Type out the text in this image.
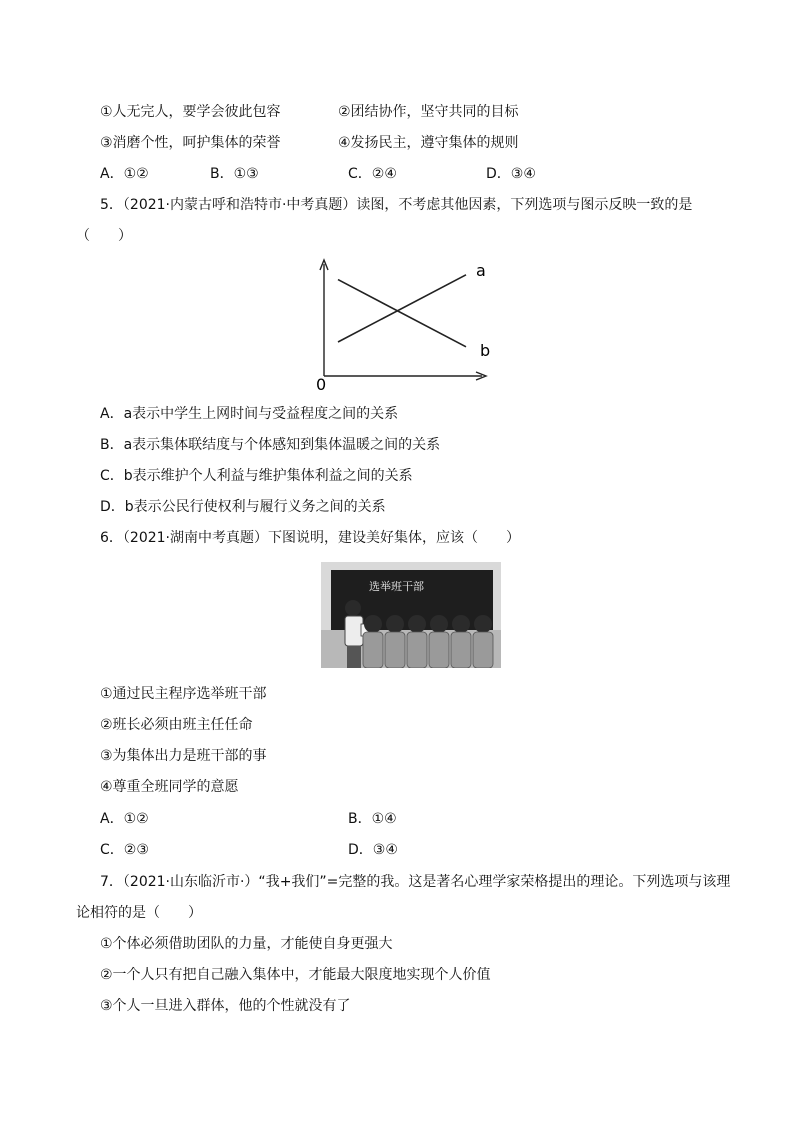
①人无完人，要学会彼此包容	②团结协作，坚守共同的目标
③消磨个性，呵护集体的荣誉	④发扬民主，遵守集体的规则
A．①②	B．①③	C．②④	D．③④
5．（2021·内蒙古呼和浩特市·中考真题）读图，不考虑其他因素，下列选项与图示反映一致的是
（　　）
a
b
0
A．a表示中学生上网时间与受益程度之间的关系
B．a表示集体联结度与个体感知到集体温暖之间的关系
C．b表示维护个人利益与维护集体利益之间的关系
D．b表示公民行使权利与履行义务之间的关系
6．（2021·湖南中考真题）下图说明，建设美好集体，应该（　　）
选举班干部
①通过民主程序选举班干部
②班长必须由班主任任命
③为集体出力是班干部的事
④尊重全班同学的意愿
A．①②	B．①④
C．②③	D．③④
7．（2021·山东临沂市·）“我+我们”=完整的我。这是著名心理学家荣格提出的理论。下列选项与该理
论相符的是（　　）
①个体必须借助团队的力量，才能使自身更强大
②一个人只有把自己融入集体中，才能最大限度地实现个人价值
③个人一旦进入群体，他的个性就没有了
